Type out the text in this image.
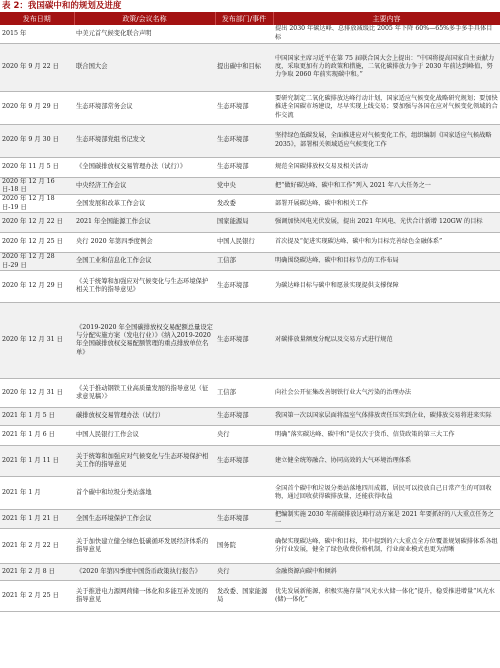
表 2：我国碳中和的规划及进度
发布日期	政策/会议名称	发布部门/事件	主要内容
2015 年	中美元首气候变化联合声明		提出 2030 年碳达峰、总排放减缓比 2005 年下降 60%—65%多手多手具体目标
2020 年 9 月 22 日	联合国大会	提出碳中和目标	中国国家主席习近平在第 75 届联合国大会上提出：“中国将提高国家自主贡献力度，采取更加有力的政策和措施，二氧化碳排放力争于 2030 年前达到峰值，努力争取 2060 年前实现碳中和。”
2020 年 9 月 29 日	生态环境部常务会议	生态环境部	要研究制定二氧化碳排放达峰行动计划，国家适应气候变化战略研究规划；要加快推进全国碳市场建设，尽早实现上线交易；要加强与各国在应对气候变化领域的合作交流
2020 年 9 月 30 日	生态环境部党组书记发文	生态环境部	坚持绿色低碳发展，全面推进应对气候变化工作，组织编制《国家适应气候战略 2035》，部署相关领域适应气候变化工作
2020 年 11 月 5 日	《全国碳排放权交易管理办法（试行）》	生态环境部	规范全国碳排放权交易及相关活动
2020 年 12 月 16 日-18 日	中央经济工作会议	党中央	把“做好碳达峰、碳中和工作”列入 2021 年八大任务之一
2020 年 12 月 18 日-19 日	全国发展和改革工作会议	发改委	部署开展碳达峰、碳中和相关工作
2020 年 12 月 22 日	2021 年全国能源工作会议	国家能源局	强调加快风电光伏发展，提出 2021 年风电、光伏合计新增 120GW 的目标
2020 年 12 月 25 日	央行 2020 年第四季度例会	中国人民银行	首次提及“促进实现碳达峰、碳中和为目标完善绿色金融体系”
2020 年 12 月 28 日-29 日	全国工业和信息化工作会议	工信部	明确围绕碳达峰、碳中和目标节点的工作布局
2020 年 12 月 29 日	《关于统筹和加强应对气候变化与生态环境保护相关工作的指导意见》	生态环境部	为碳达峰目标与碳中和愿景实现提供支撑保障
2020 年 12 月 31 日	《2019-2020 年全国碳排放权交易配额总量设定与分配实施方案（发电行业）》《纳入2019-2020 年全国碳排放权交易配额管理的重点排放单位名单》	生态环境部	对碳排放量额度分配以及交易方式进行规范
2020 年 12 月 31 日	《关于推动钢铁工业高质量发展的指导意见（征求意见稿）》	工信部	向社会公开征集改善钢铁行业大气污染的治理办法
2021 年 1 月 5 日	碳排放权交易管理办法（试行）	生态环境部	我国第一次以国家层面将温室气体排放责任压实到企业，碳排放交易将进来实际
2021 年 1 月 6 日	中国人民银行工作会议	央行	明确“落实碳达峰、碳中和”是仅次于货币、信贷政策的第三大工作
2021 年 1 月 11 日	关于统筹和加强应对气候变化与生态环境保护相关工作的指导意见	生态环境部	建立健全统筹融合、协同高效的大气环境治理体系
2021 年 1 月	首个碳中和垃圾分类站落地		全国首个碳中和垃圾分类站落地四川成都，居民可以投放自己日常产生的可回收物，通过回收获得碳排放量，还能获得收益
2021 年 1 月 21 日	全国生态环境保护工作会议	生态环境部	把编制实施 2030 年前碳排放达峰行动方案是 2021 年要抓好的八大重点任务之一
2021 年 2 月 22 日	关于加快建立健全绿色低碳循环发展经济体系的指导意见	国务院	确保实现碳达峰、碳中和目标，其中提到的六大重点全方位覆盖规划碳排体系各组分行业发展，健全了绿色收费价格机制，行业商业模式也更为清晰
2021 年 2 月 8 日	《2020 年第四季度中国货币政策执行报告》	央行	金融资源向碳中和倾斜
2021 年 2 月 25 日	关于推进电力源网荷储一体化和多能互补发展的指导意见	发改委、国家能源局	优先发展新能源，积极实施存量“风光水火储一体化”提升，稳妥推进增量“风光水(储)一体化”
